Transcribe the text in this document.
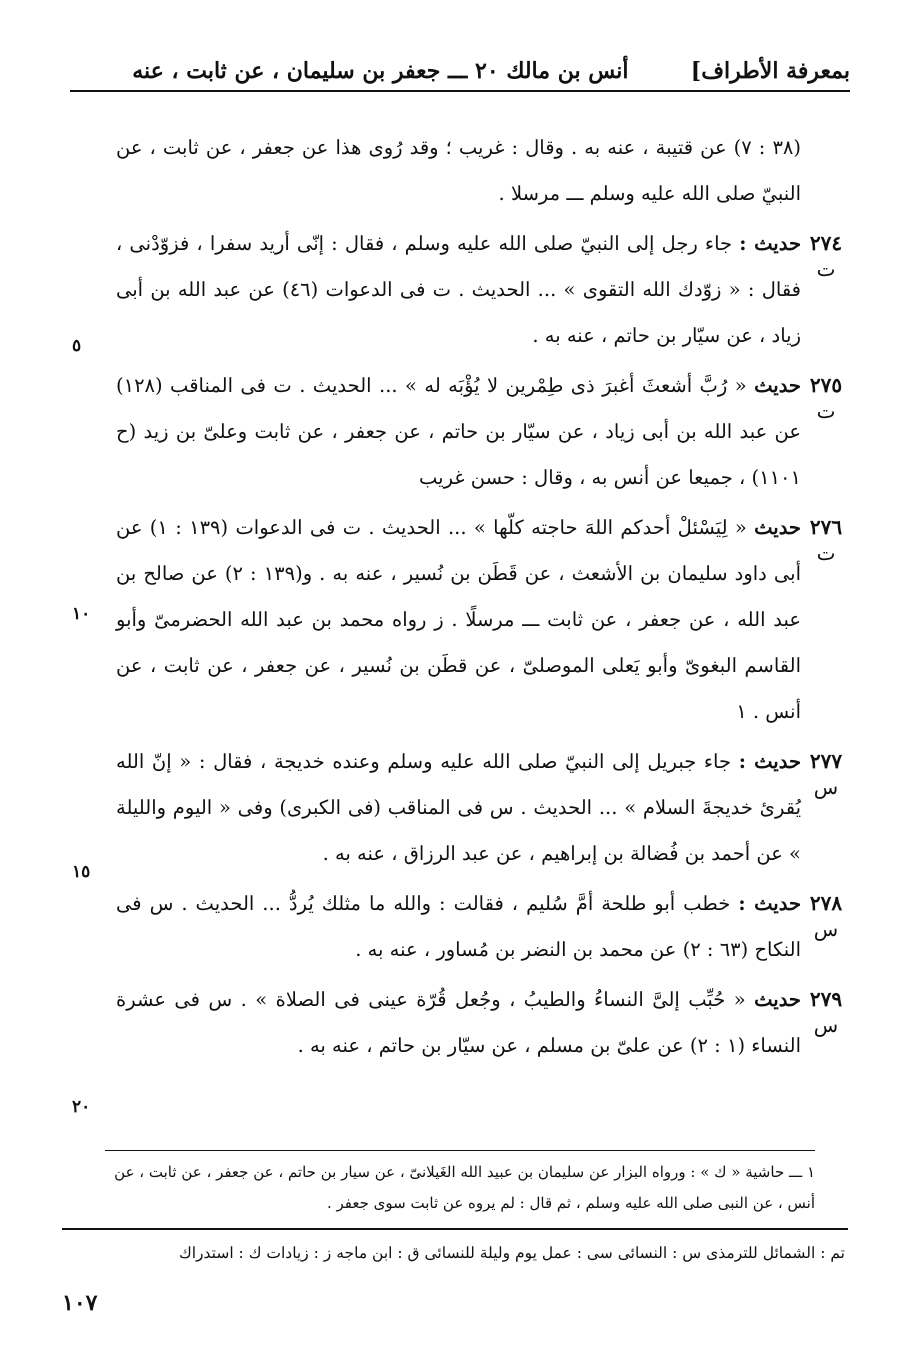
بمعرفة الأطراف]
أنس بن مالك ٢٠ ـــ جعفر بن سليمان ، عن ثابت ، عنه
(٣٨ : ٧) عن قتيبة ، عنه به . وقال : غريب ؛ وقد رُوى هذا عن جعفر ، عن ثابت ، عن النبيّ صلى الله عليه وسلم ـــ مرسلا .
٢٧٤
ت
حديث : جاء رجل إلى النبيّ صلى الله عليه وسلم ، فقال : إنّى أريد سفرا ، فزوّدْنى ، فقال : « زوّدك الله التقوى » ... الحديث . ت فى الدعوات (٤٦) عن عبد الله بن أبى زياد ، عن سيّار بن حاتم ، عنه به .
٢٧٥
ت
حديث « رُبَّ أشعثَ أغبرَ ذى طِمْرين لا يُؤْبَه له » ... الحديث . ت فى المناقب (١٢٨) عن عبد الله بن أبى زياد ، عن سيّار بن حاتم ، عن جعفر ، عن ثابت وعلىّ بن زيد (ح ١١٠١) ، جميعا عن أنس به ، وقال : حسن غريب
٢٧٦
ت
حديث « لِيَسْئلْ أحدكم اللهَ حاجته كلّها » ... الحديث . ت فى الدعوات (١٣٩ : ١) عن أبى داود سليمان بن الأشعث ، عن قَطَن بن نُسير ، عنه به . و(١٣٩ : ٢) عن صالح بن عبد الله ، عن جعفر ، عن ثابت ـــ مرسلًا . ز رواه محمد بن عبد الله الحضرمىّ وأبو القاسم البغوىّ وأبو يَعلى الموصلىّ ، عن قطَن بن نُسير ، عن جعفر ، عن ثابت ، عن أنس . ١
٢٧٧
س
حديث : جاء جبريل إلى النبيّ صلى الله عليه وسلم وعنده خديجة ، فقال : « إنّ الله يُقرئ خديجةَ السلام » ... الحديث . س فى المناقب (فى الكبرى) وفى « اليوم والليلة » عن أحمد بن فُضالة بن إبراهيم ، عن عبد الرزاق ، عنه به .
٢٧٨
س
حديث : خطب أبو طلحة أمَّ سُليم ، فقالت : والله ما مثلك يُردُّ ... الحديث . س فى النكاح (٦٣ : ٢) عن محمد بن النضر بن مُساور ، عنه به .
٢٧٩
س
حديث « حُبِّب إلىَّ النساءُ والطيبُ ، وجُعل قُرّة عينى فى الصلاة » . س فى عشرة النساء (١ : ٢) عن علىّ بن مسلم ، عن سيّار بن حاتم ، عنه به .
٥
١٠
١٥
٢٠
١ ـــ حاشية « ك » : ورواه البزار عن سليمان بن عبيد الله الغَيلانىّ ، عن سيار بن حاتم ، عن جعفر ، عن ثابت ، عن أنس ، عن النبى صلى الله عليه وسلم ، ثم قال : لم يروه عن ثابت سوى جعفر .
تم : الشمائل للترمذى س : النسائى سى : عمل يوم وليلة للنسائى ق : ابن ماجه ز : زيادات ك : استدراك
١٠٧
